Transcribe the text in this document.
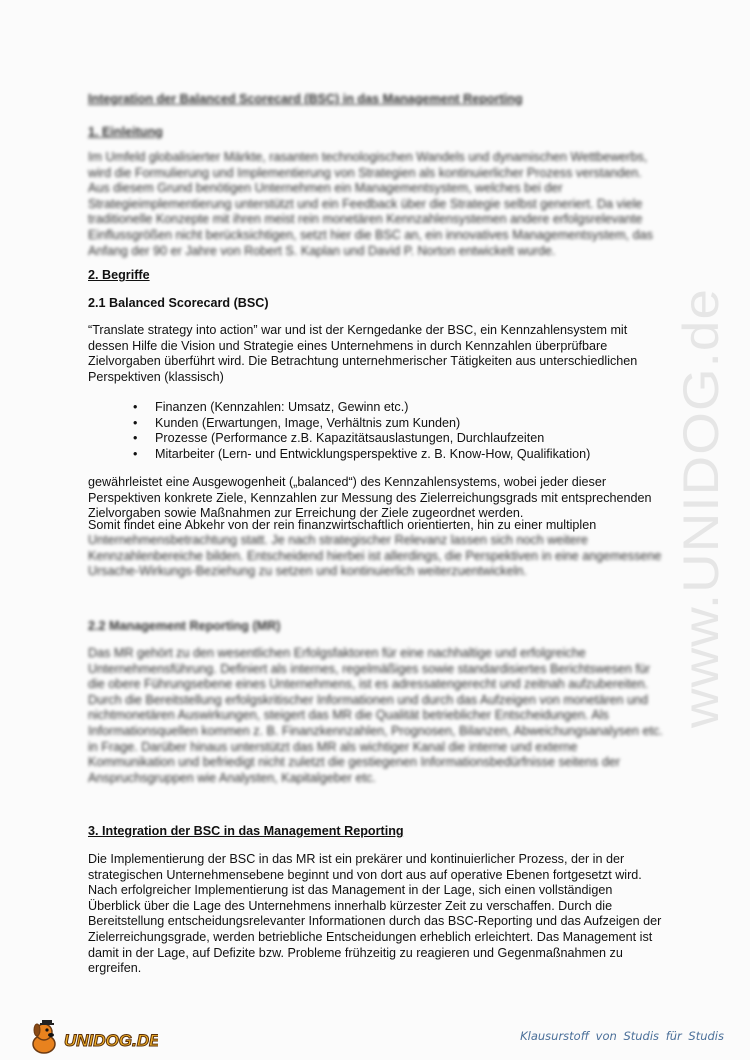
Integration der Balanced Scorecard (BSC) in das Management Reporting
1. Einleitung

Im Umfeld globalisierter Märkte, rasanten technologischen Wandels und dynamischen Wettbewerbs, wird die Formulierung und Implementierung von Strategien als kontinuierlicher Prozess verstanden. Aus diesem Grund benötigen Unternehmen ein Managementsystem, welches bei der Strategieimplementierung unterstützt und ein Feedback über die Strategie selbst generiert. Da viele traditionelle Konzepte mit ihren meist rein monetären Kennzahlensystemen andere erfolgsrelevante Einflussgrößen nicht berücksichtigen, setzt hier die BSC an, ein innovatives Managementsystem, das Anfang der 90 er Jahre von Robert S. Kaplan und David P. Norton entwickelt wurde.

2. Begriffe
2.1 Balanced Scorecard (BSC)

“Translate strategy into action” war und ist der Kerngedanke der BSC, ein Kennzahlensystem mit dessen Hilfe die Vision und Strategie eines Unternehmens in durch Kennzahlen überprüfbare Zielvorgaben überführt wird. Die Betrachtung unternehmerischer Tätigkeiten aus unterschiedlichen Perspektiven (klassisch)

• Finanzen (Kennzahlen: Umsatz, Gewinn etc.)
• Kunden (Erwartungen, Image, Verhältnis zum Kunden)
• Prozesse (Performance z.B. Kapazitätsauslastungen, Durchlaufzeiten
• Mitarbeiter (Lern- und Entwicklungsperspektive z. B. Know-How, Qualifikation)

gewährleistet eine Ausgewogenheit („balanced“) des Kennzahlensystems, wobei jeder dieser Perspektiven konkrete Ziele, Kennzahlen zur Messung des Zielerreichungsgrads mit entsprechenden Zielvorgaben sowie Maßnahmen zur Erreichung der Ziele zugeordnet werden.

Somit findet eine Abkehr von der rein finanzwirtschaftlich orientierten, hin zu einer multiplen

Unternehmensbetrachtung statt. Je nach strategischer Relevanz lassen sich noch weitere Kennzahlenbereiche bilden. Entscheidend hierbei ist allerdings, die Perspektiven in eine angemessene Ursache-Wirkungs-Beziehung zu setzen und kontinuierlich weiterzuentwickeln.

2.2 Management Reporting (MR)

Das MR gehört zu den wesentlichen Erfolgsfaktoren für eine nachhaltige und erfolgreiche Unternehmensführung. Definiert als internes, regelmäßiges sowie standardisiertes Berichtswesen für die obere Führungsebene eines Unternehmens, ist es adressatengerecht und zeitnah aufzubereiten. Durch die Bereitstellung erfolgskritischer Informationen und durch das Aufzeigen von monetären und nichtmonetären Auswirkungen, steigert das MR die Qualität betrieblicher Entscheidungen. Als Informationsquellen kommen z. B. Finanzkennzahlen, Prognosen, Bilanzen, Abweichungsanalysen etc. in Frage. Darüber hinaus unterstützt das MR als wichtiger Kanal die interne und externe Kommunikation und befriedigt nicht zuletzt die gestiegenen Informationsbedürfnisse seitens der Anspruchsgruppen wie Analysten, Kapitalgeber etc.

3. Integration der BSC in das Management Reporting

Die Implementierung der BSC in das MR ist ein prekärer und kontinuierlicher Prozess, der in der strategischen Unternehmensebene beginnt und von dort aus auf operative Ebenen fortgesetzt wird. Nach erfolgreicher Implementierung ist das Management in der Lage, sich einen vollständigen Überblick über die Lage des Unternehmens innerhalb kürzester Zeit zu verschaffen. Durch die Bereitstellung entscheidungsrelevanter Informationen durch das BSC-Reporting und das Aufzeigen der Zielerreichungsgrade, werden betriebliche Entscheidungen erheblich erleichtert. Das Management ist damit in der Lage, auf Defizite bzw. Probleme frühzeitig zu reagieren und Gegenmaßnahmen zu ergreifen.

www.UNIDOG.de
UNIDOG.DE	Klausurstoff von Studis für Studis
